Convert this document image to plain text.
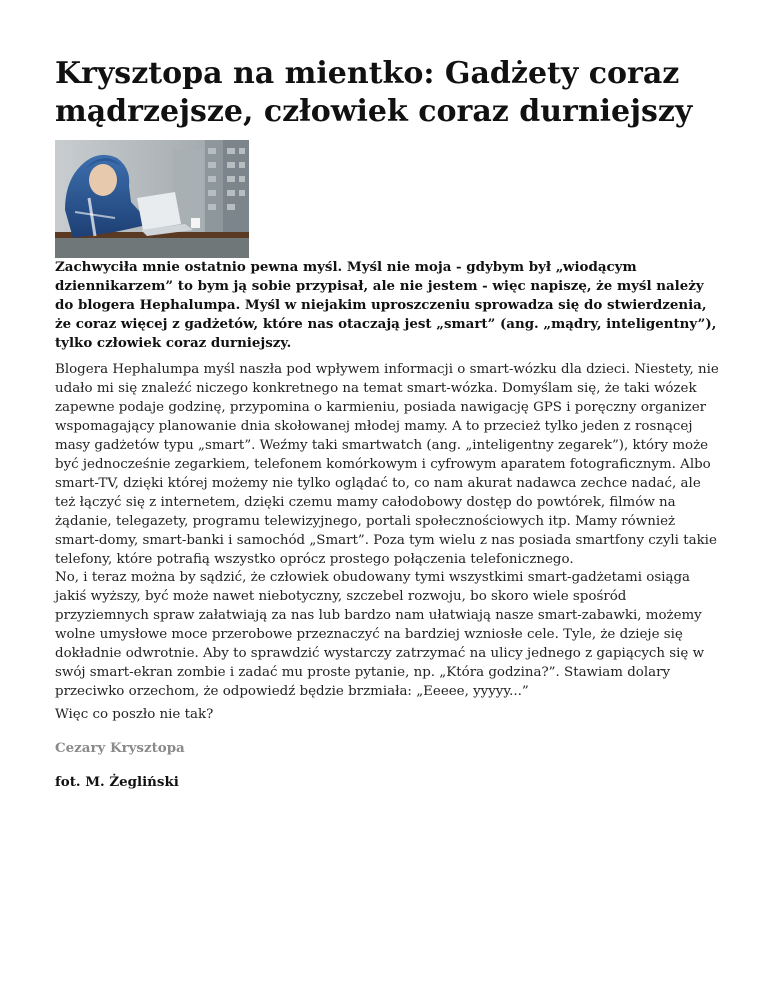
Krysztopa na mientko: Gadżety coraz mądrzejsze, człowiek coraz durniejszy

Zachwyciła mnie ostatnio pewna myśl. Myśl nie moja - gdybym był „wiodącym dziennikarzem” to bym ją sobie przypisał, ale nie jestem - więc napiszę, że myśl należy do blogera Hephalumpa. Myśl w niejakim uproszczeniu sprowadza się do stwierdzenia, że coraz więcej z gadżetów, które nas otaczają jest „smart” (ang. „mądry, inteligentny”), tylko człowiek coraz durniejszy.

Blogera Hephalumpa myśl naszła pod wpływem informacji o smart-wózku dla dzieci. Niestety, nie udało mi się znaleźć niczego konkretnego na temat smart-wózka. Domyślam się, że taki wózek zapewne podaje godzinę, przypomina o karmieniu, posiada nawigację GPS i poręczny organizer wspomagający planowanie dnia skołowanej młodej mamy. A to przecież tylko jeden z rosnącej masy gadżetów typu „smart”. Weźmy taki smartwatch (ang. „inteligentny zegarek”), który może być jednocześnie zegarkiem, telefonem komórkowym i cyfrowym aparatem fotograficznym. Albo smart-TV, dzięki której możemy nie tylko oglądać to, co nam akurat nadawca zechce nadać, ale też łączyć się z internetem, dzięki czemu mamy całodobowy dostęp do powtórek, filmów na żądanie, telegazety, programu telewizyjnego, portali społecznościowych itp. Mamy również smart-domy, smart-banki i samochód „Smart”. Poza tym wielu z nas posiada smartfony czyli takie telefony, które potrafią wszystko oprócz prostego połączenia telefonicznego.

No, i teraz można by sądzić, że człowiek obudowany tymi wszystkimi smart-gadżetami osiąga jakiś wyższy, być może nawet niebotyczny, szczebel rozwoju, bo skoro wiele spośród przyziemnych spraw załatwiają za nas lub bardzo nam ułatwiają nasze smart-zabawki, możemy wolne umysłowe moce przerobowe przeznaczyć na bardziej wzniosłe cele. Tyle, że dzieje się dokładnie odwrotnie. Aby to sprawdzić wystarczy zatrzymać na ulicy jednego z gapiących się w swój smart-ekran zombie i zadać mu proste pytanie, np. „Która godzina?”. Stawiam dolary przeciwko orzechom, że odpowiedź będzie brzmiała: „Eeeee, yyyyy...”

Więc co poszło nie tak?

Cezary Krysztopa

fot. M. Żegliński
